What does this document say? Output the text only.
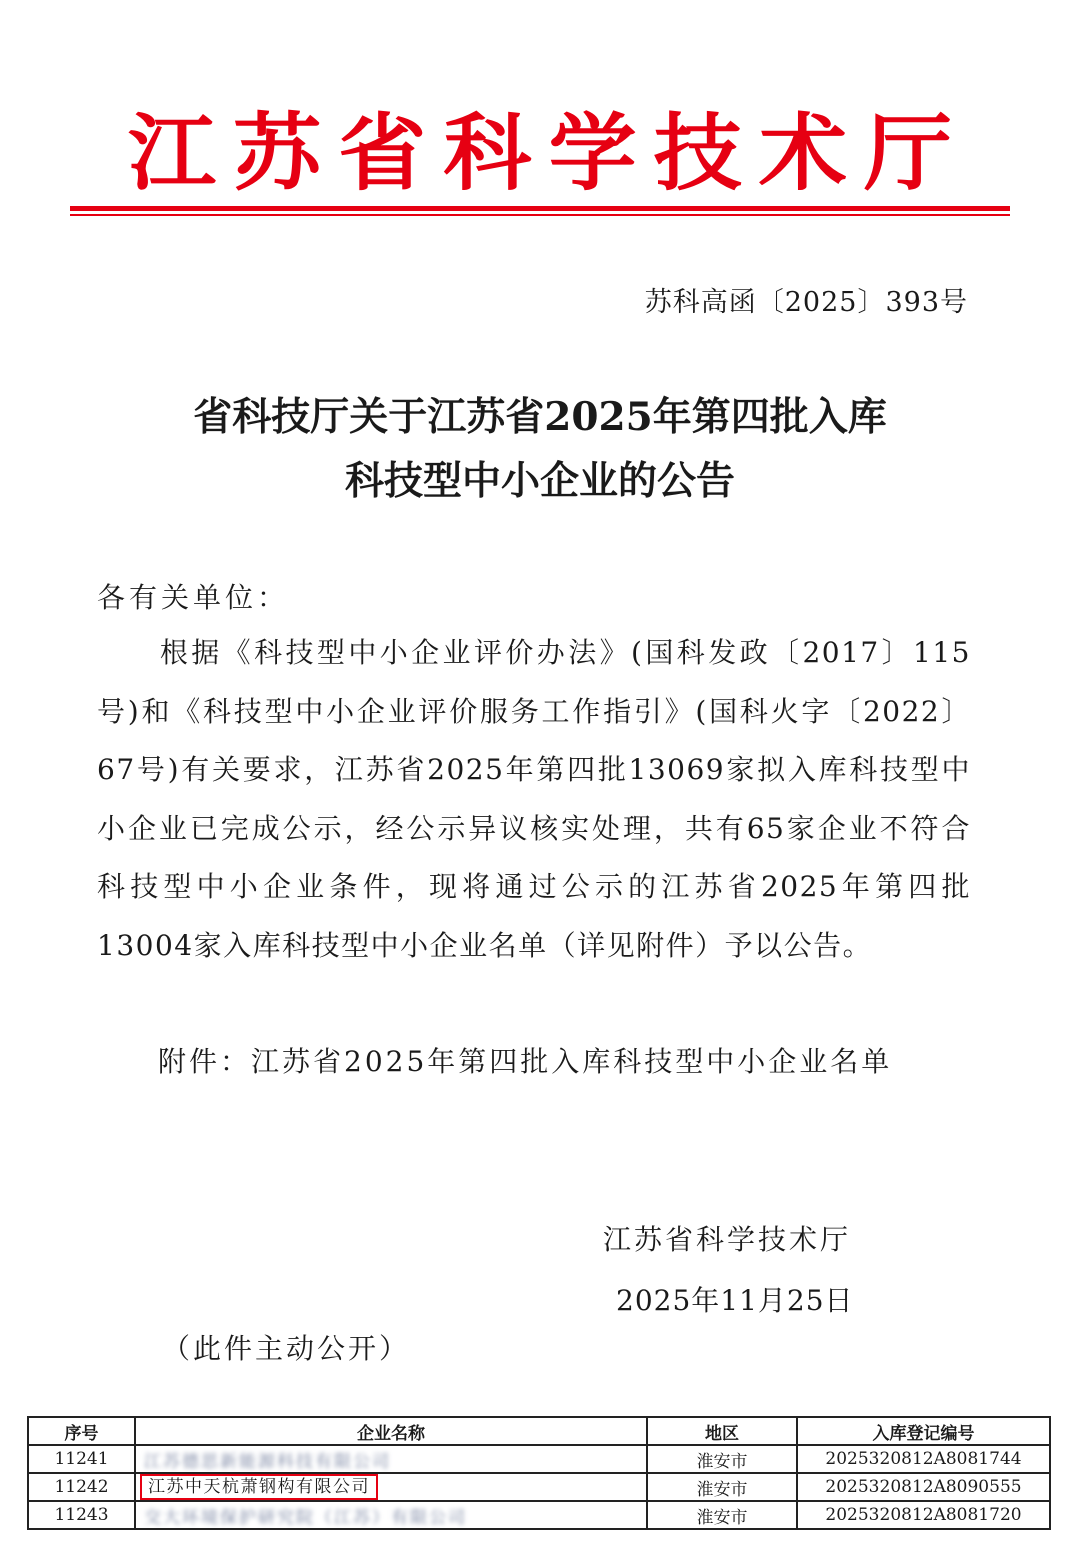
江 苏 省 科 学 技 术 厅
苏科高函〔2025〕393号
省科技厅关于江苏省2025年第四批入库
科技型中小企业的公告
各有关单位：
　　根据《科技型中小企业评价办法》(国科发政〔2017〕115
号)和《科技型中小企业评价服务工作指引》(国科火字〔2022〕
67号)有关要求，江苏省2025年第四批13069家拟入库科技型中
小企业已完成公示，经公示异议核实处理，共有65家企业不符合
科技型中小企业条件，现将通过公示的江苏省2025年第四批
13004家入库科技型中小企业名单（详见附件）予以公告。
附件：江苏省2025年第四批入库科技型中小企业名单
江苏省科学技术厅
2025年11月25日
（此件主动公开）
序号	企业名称	地区	入库登记编号
11241	江苏德思新能源科技有限公司	淮安市	2025320812A8081744
11242	江苏中天杭萧钢构有限公司	淮安市	2025320812A8090555
11243	交大环境保护研究院（江苏）有限公司	淮安市	2025320812A8081720
